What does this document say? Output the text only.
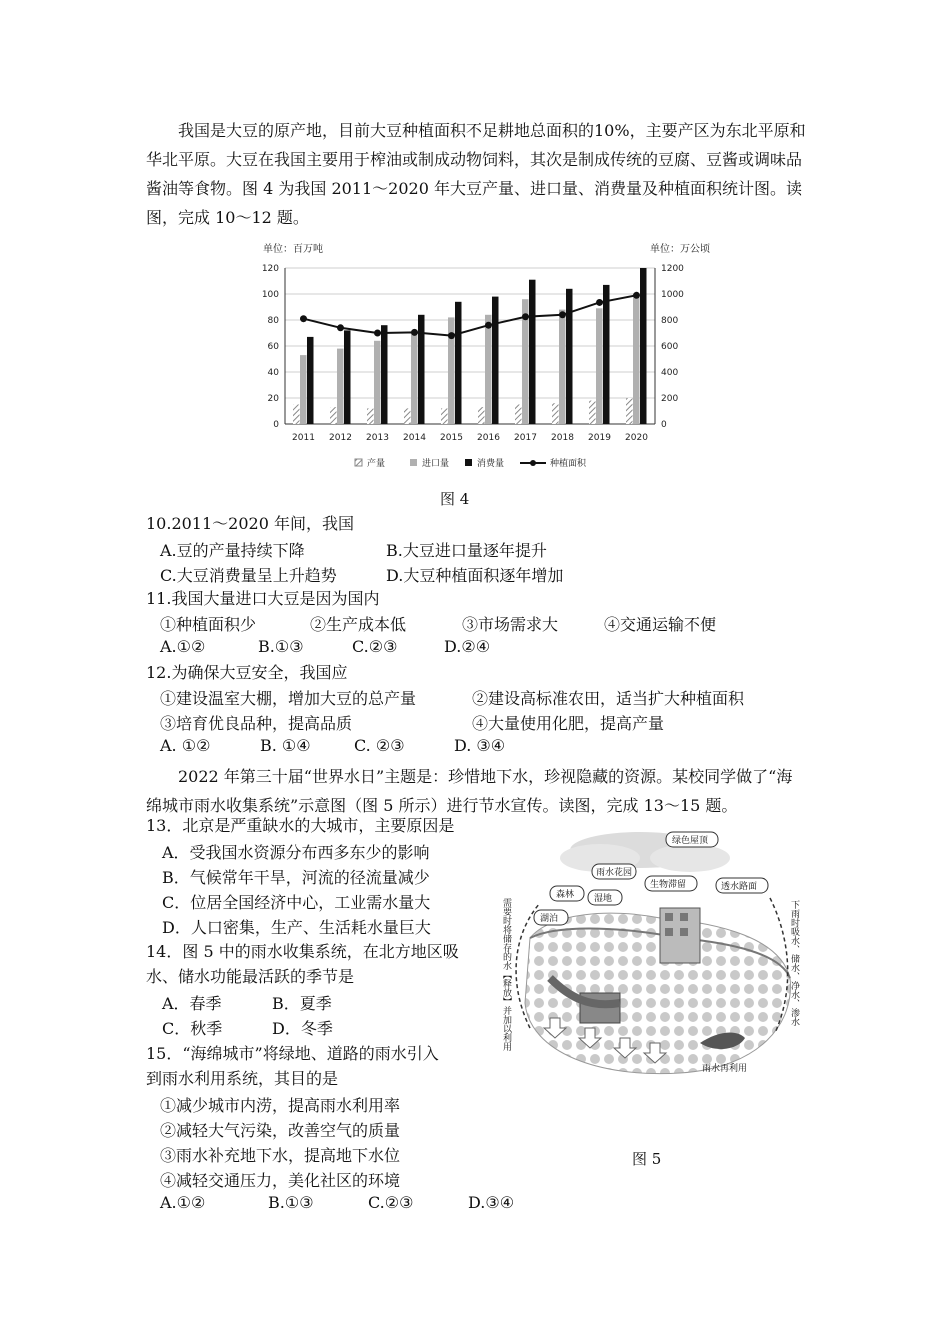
我国是大豆的原产地，目前大豆种植面积不足耕地总面积的10%，主要产区为东北平原和华北平原。大豆在我国主要用于榨油或制成动物饲料，其次是制成传统的豆腐、豆酱或调味品酱油等食物。图 4 为我国 2011～2020 年大豆产量、进口量、消费量及种植面积统计图。读图，完成 10～12 题。
单位：百万吨	单位：万公顷
0
20
40
60
80
100
120
0
200
400
600
800
1000
1200
2011 2012 2013 2014 2015 2016 2017 2018 2019 2020
产量	进口量	消费量	种植面积
图 4
10.2011～2020 年间，我国
A.豆的产量持续下降	B.大豆进口量逐年提升
C.大豆消费量呈上升趋势	D.大豆种植面积逐年增加
11.我国大量进口大豆是因为国内
①种植面积少	②生产成本低	③市场需求大	④交通运输不便
A.①②	B.①③	C.②③	D.②④
12.为确保大豆安全，我国应
①建设温室大棚，增加大豆的总产量	②建设高标准农田，适当扩大种植面积
③培育优良品种，提高品质	④大量使用化肥，提高产量
A. ①②	B. ①④	C. ②③	D. ③④
2022 年第三十届“世界水日”主题是：珍惜地下水，珍视隐藏的资源。某校同学做了“海绵城市雨水收集系统”示意图（图 5 所示）进行节水宣传。读图，完成 13～15 题。
13．北京是严重缺水的大城市，主要原因是
A．受我国水资源分布西多东少的影响
B．气候常年干旱，河流的径流量减少
C．位居全国经济中心，工业需水量大
D．人口密集，生产、生活耗水量巨大
14．图 5 中的雨水收集系统，在北方地区吸
水、储水功能最活跃的季节是
A．春季	B．夏季
C．秋季	D．冬季
15．“海绵城市”将绿地、道路的雨水引入
到雨水利用系统，其目的是
①减少城市内涝，提高雨水利用率
②减轻大气污染，改善空气的质量
③雨水补充地下水，提高地下水位
④减轻交通压力，美化社区的环境
A.①②	B.①③	C.②③	D.③④
绿色屋顶
雨水花园
生物滞留
森林 湿地
湖泊
透水路面
雨水再利用
需要时将储存的水【释放】并加以利用	下雨时吸水、储水、净水、渗水
图 5
